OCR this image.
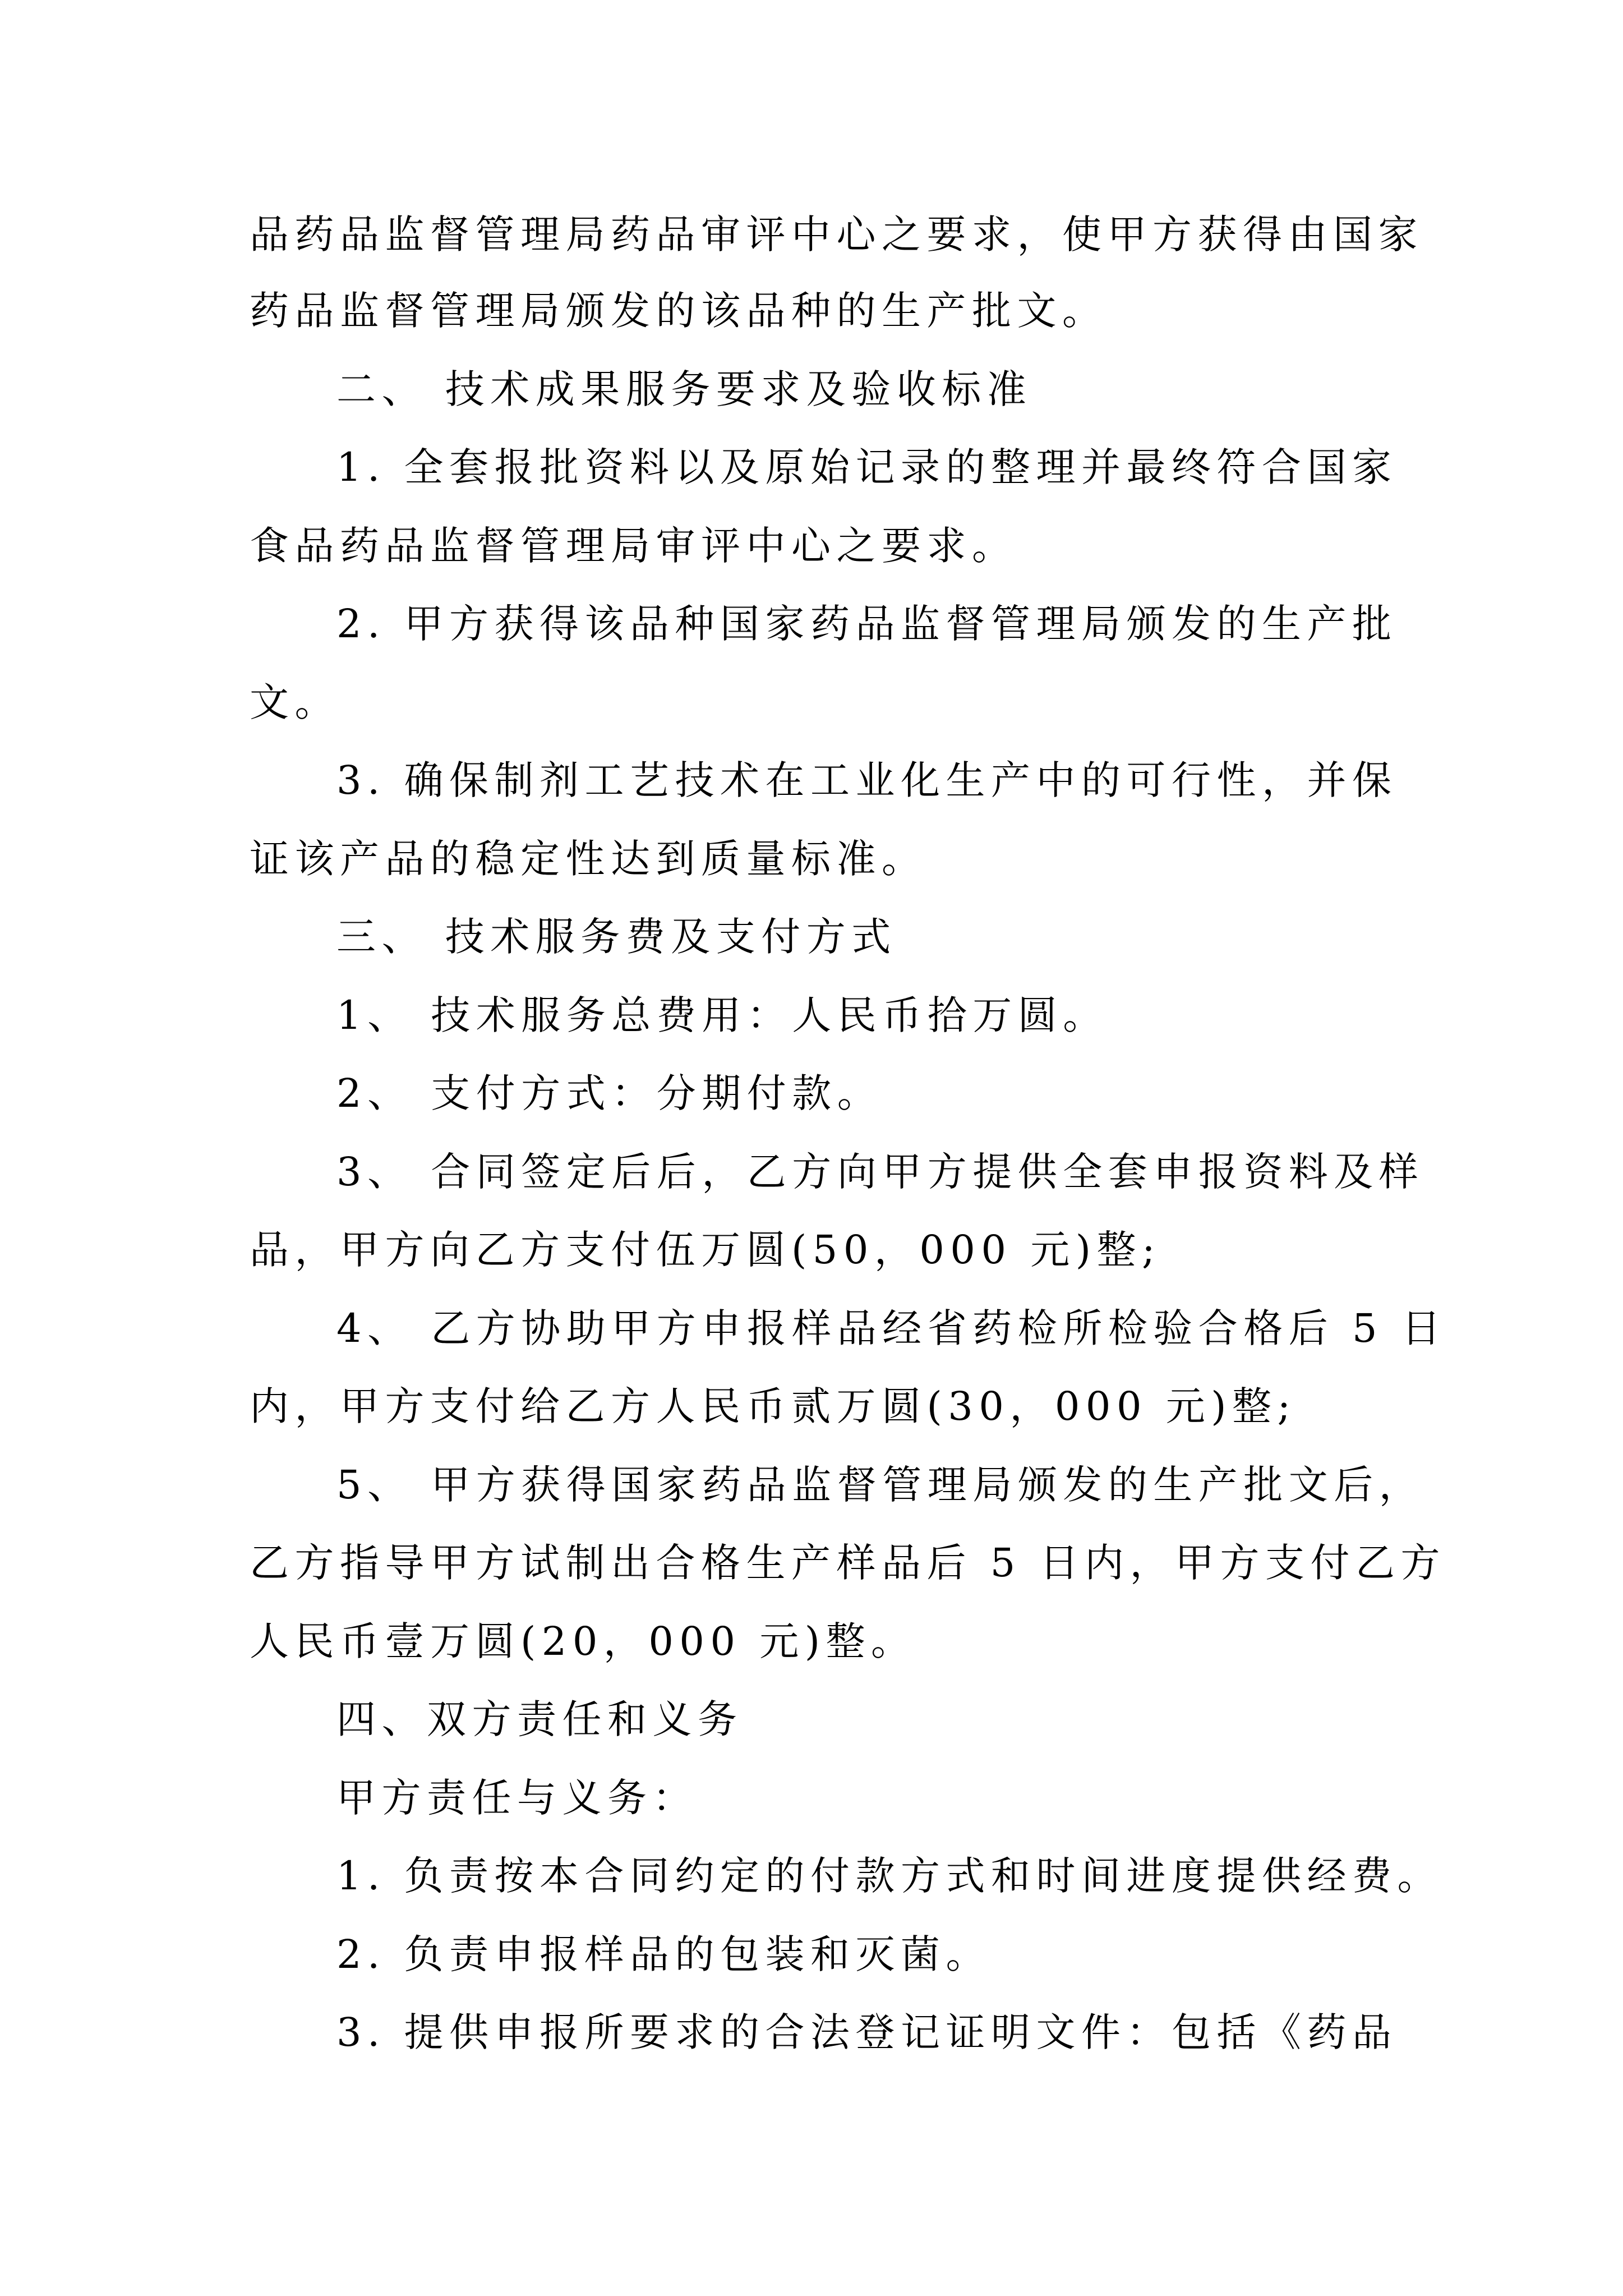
品药品监督管理局药品审评中心之要求，使甲方获得由国家
药品监督管理局颁发的该品种的生产批文。
二、 技术成果服务要求及验收标准
1. 全套报批资料以及原始记录的整理并最终符合国家
食品药品监督管理局审评中心之要求。
2. 甲方获得该品种国家药品监督管理局颁发的生产批
文。
3. 确保制剂工艺技术在工业化生产中的可行性，并保
证该产品的稳定性达到质量标准。
三、 技术服务费及支付方式
1、 技术服务总费用：人民币拾万圆。
2、 支付方式：分期付款。
3、 合同签定后后，乙方向甲方提供全套申报资料及样
品，甲方向乙方支付伍万圆(50，000 元)整;
4、 乙方协助甲方申报样品经省药检所检验合格后 5 日
内，甲方支付给乙方人民币贰万圆(30，000 元)整;
5、 甲方获得国家药品监督管理局颁发的生产批文后，
乙方指导甲方试制出合格生产样品后 5 日内，甲方支付乙方
人民币壹万圆(20，000 元)整。
四、双方责任和义务
甲方责任与义务：
1. 负责按本合同约定的付款方式和时间进度提供经费。
2. 负责申报样品的包装和灭菌。
3. 提供申报所要求的合法登记证明文件：包括《药品
